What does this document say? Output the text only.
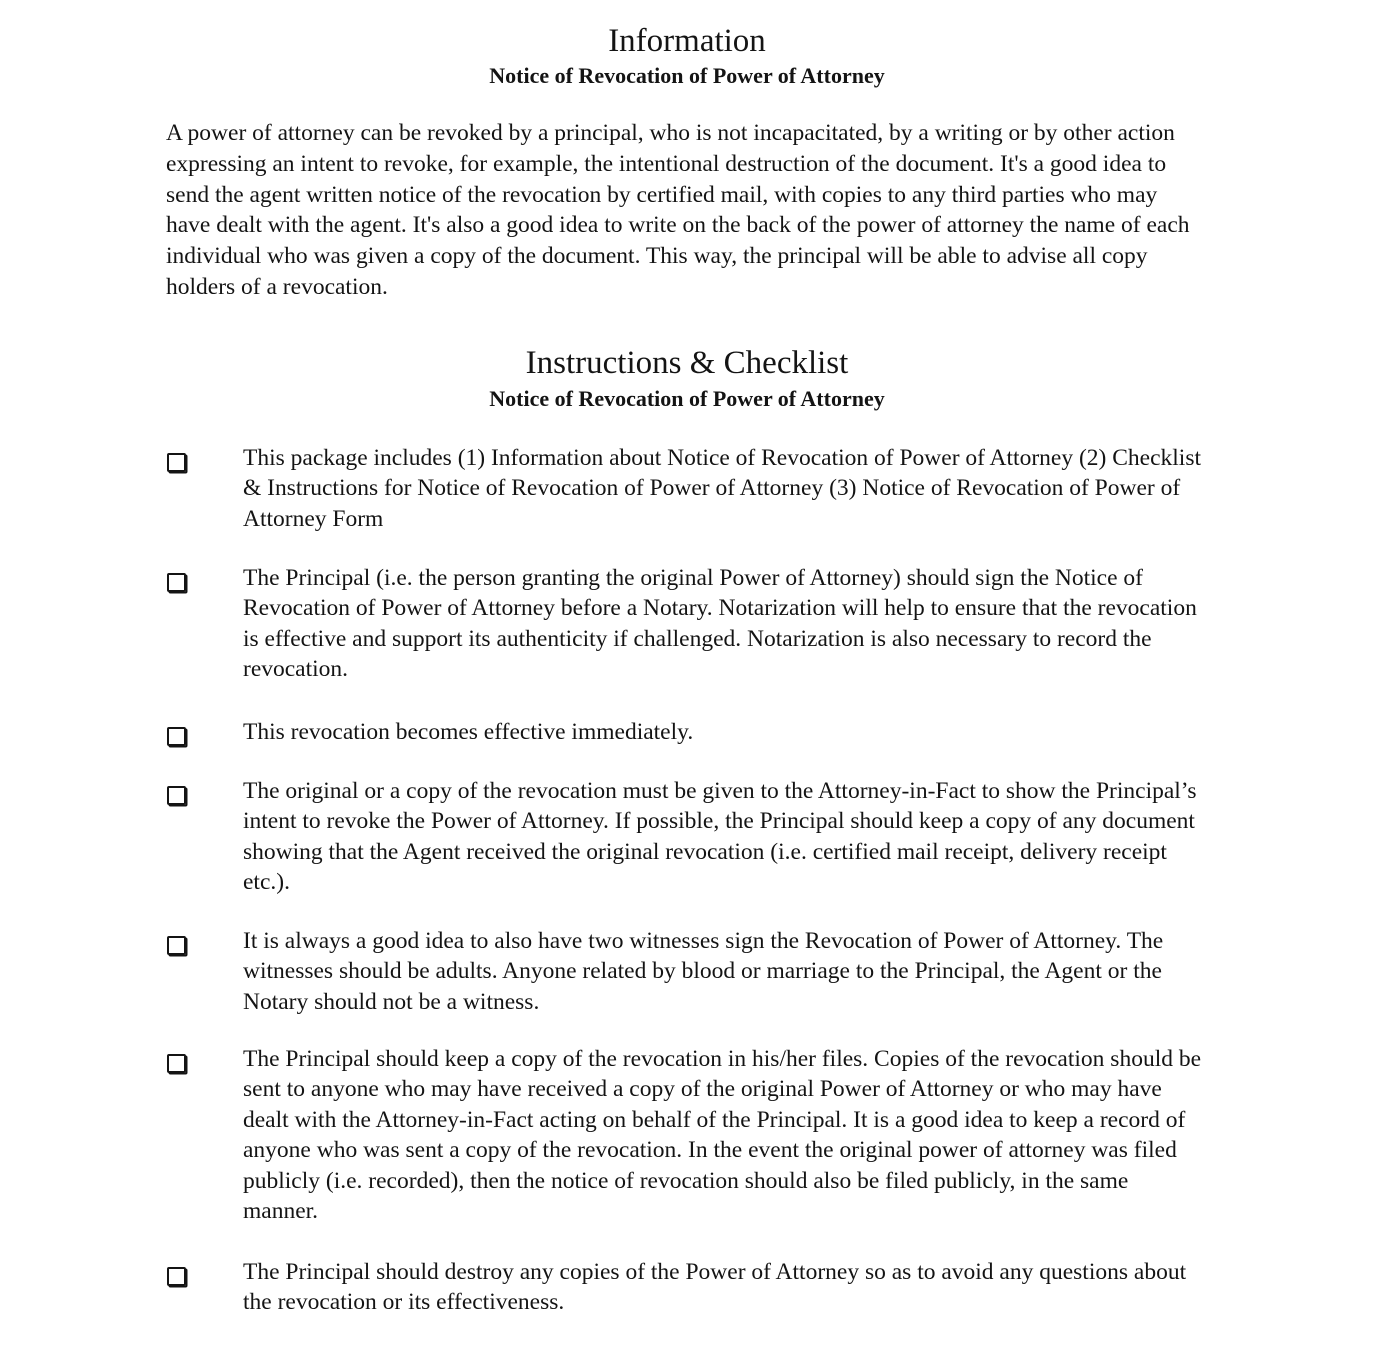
Information
Notice of Revocation of Power of Attorney

A power of attorney can be revoked by a principal, who is not incapacitated, by a writing or by other action expressing an intent to revoke, for example, the intentional destruction of the document. It's a good idea to send the agent written notice of the revocation by certified mail, with copies to any third parties who may have dealt with the agent. It's also a good idea to write on the back of the power of attorney the name of each individual who was given a copy of the document. This way, the principal will be able to advise all copy holders of a revocation.

Instructions & Checklist
Notice of Revocation of Power of Attorney

This package includes (1) Information about Notice of Revocation of Power of Attorney (2) Checklist & Instructions for Notice of Revocation of Power of Attorney (3) Notice of Revocation of Power of Attorney Form

The Principal (i.e. the person granting the original Power of Attorney) should sign the Notice of Revocation of Power of Attorney before a Notary. Notarization will help to ensure that the revocation is effective and support its authenticity if challenged. Notarization is also necessary to record the revocation.

This revocation becomes effective immediately.

The original or a copy of the revocation must be given to the Attorney-in-Fact to show the Principal’s intent to revoke the Power of Attorney. If possible, the Principal should keep a copy of any document showing that the Agent received the original revocation (i.e. certified mail receipt, delivery receipt etc.).

It is always a good idea to also have two witnesses sign the Revocation of Power of Attorney. The witnesses should be adults. Anyone related by blood or marriage to the Principal, the Agent or the Notary should not be a witness.

The Principal should keep a copy of the revocation in his/her files. Copies of the revocation should be sent to anyone who may have received a copy of the original Power of Attorney or who may have dealt with the Attorney-in-Fact acting on behalf of the Principal. It is a good idea to keep a record of anyone who was sent a copy of the revocation. In the event the original power of attorney was filed publicly (i.e. recorded), then the notice of revocation should also be filed publicly, in the same manner.

The Principal should destroy any copies of the Power of Attorney so as to avoid any questions about the revocation or its effectiveness.
